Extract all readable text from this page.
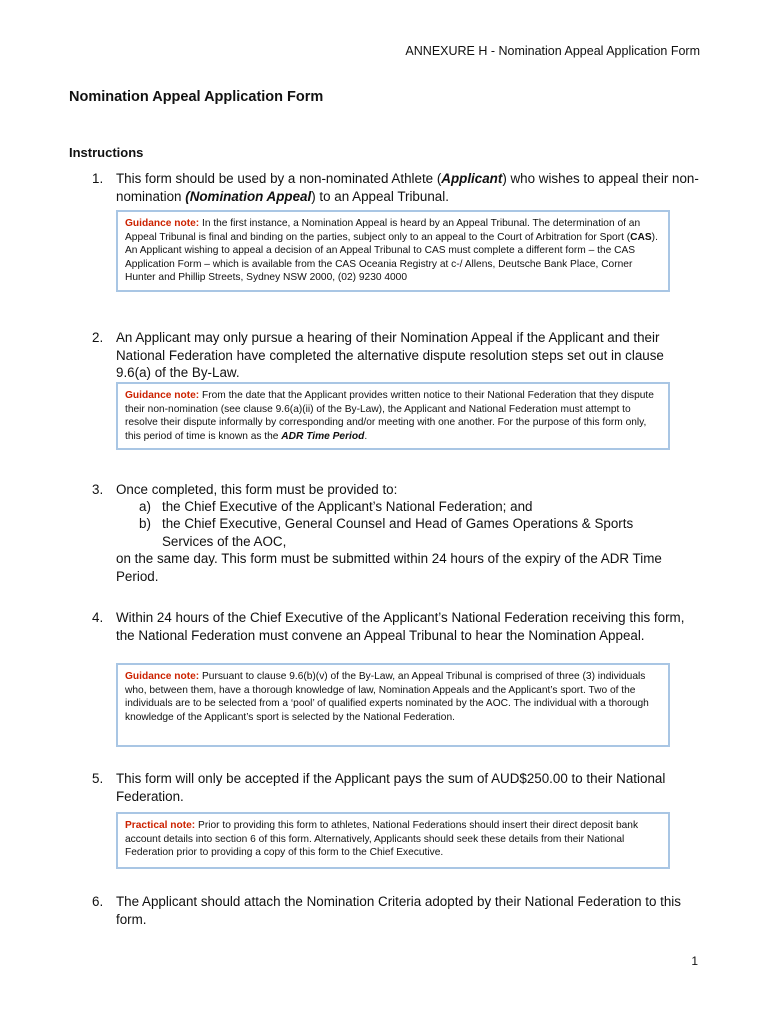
ANNEXURE H - Nomination Appeal Application Form
Nomination Appeal Application Form
Instructions
1. This form should be used by a non-nominated Athlete (Applicant) who wishes to appeal their non-nomination (Nomination Appeal) to an Appeal Tribunal.
Guidance note: In the first instance, a Nomination Appeal is heard by an Appeal Tribunal. The determination of an Appeal Tribunal is final and binding on the parties, subject only to an appeal to the Court of Arbitration for Sport (CAS). An Applicant wishing to appeal a decision of an Appeal Tribunal to CAS must complete a different form – the CAS Application Form – which is available from the CAS Oceania Registry at c-/ Allens, Deutsche Bank Place, Corner Hunter and Phillip Streets, Sydney NSW 2000, (02) 9230 4000
2. An Applicant may only pursue a hearing of their Nomination Appeal if the Applicant and their National Federation have completed the alternative dispute resolution steps set out in clause 9.6(a) of the By-Law.
Guidance note: From the date that the Applicant provides written notice to their National Federation that they dispute their non-nomination (see clause 9.6(a)(ii) of the By-Law), the Applicant and National Federation must attempt to resolve their dispute informally by corresponding and/or meeting with one another. For the purpose of this form only, this period of time is known as the ADR Time Period.
3. Once completed, this form must be provided to:
a) the Chief Executive of the Applicant’s National Federation; and
b) the Chief Executive, General Counsel and Head of Games Operations & Sports Services of the AOC,
on the same day. This form must be submitted within 24 hours of the expiry of the ADR Time Period.
4. Within 24 hours of the Chief Executive of the Applicant’s National Federation receiving this form, the National Federation must convene an Appeal Tribunal to hear the Nomination Appeal.
Guidance note: Pursuant to clause 9.6(b)(v) of the By-Law, an Appeal Tribunal is comprised of three (3) individuals who, between them, have a thorough knowledge of law, Nomination Appeals and the Applicant’s sport. Two of the individuals are to be selected from a ‘pool’ of qualified experts nominated by the AOC. The individual with a thorough knowledge of the Applicant’s sport is selected by the National Federation.
5. This form will only be accepted if the Applicant pays the sum of AUD$250.00 to their National Federation.
Practical note: Prior to providing this form to athletes, National Federations should insert their direct deposit bank account details into section 6 of this form. Alternatively, Applicants should seek these details from their National Federation prior to providing a copy of this form to the Chief Executive.
6. The Applicant should attach the Nomination Criteria adopted by their National Federation to this form.
1
